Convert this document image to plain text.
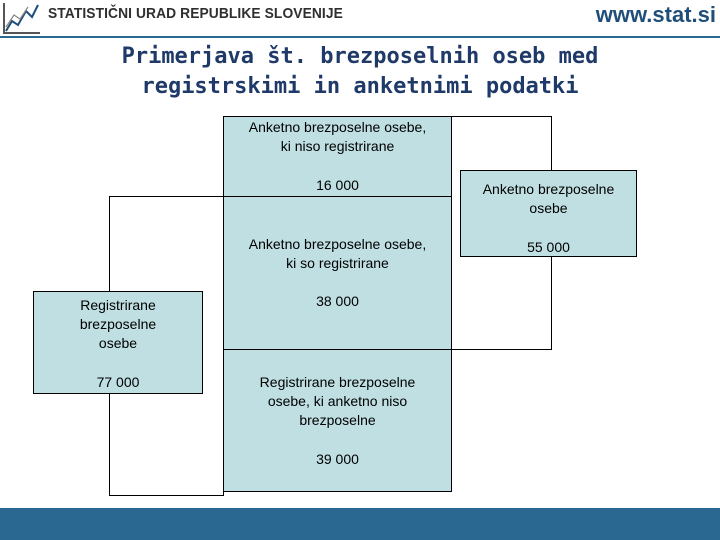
STATISTIČNI URAD REPUBLIKE SLOVENIJE	www.stat.si
Primerjava št. brezposelnih oseb med
registrskimi in anketnimi podatki
Anketno brezposelne osebe,
ki niso registrirane
16 000
Anketno brezposelne osebe,
ki so registrirane
38 000
Registrirane brezposelne
osebe, ki anketno niso
brezposelne
39 000
Registrirane
brezposelne
osebe
77 000
Anketno brezposelne
osebe
55 000
